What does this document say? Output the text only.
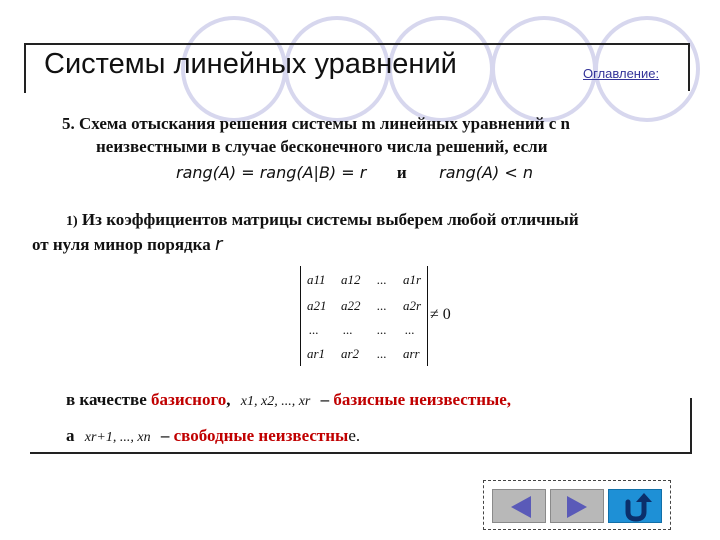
Системы линейных уравнений	Оглавление:
5. Схема отыскания решения системы m линейных уравнений с n
неизвестными в случае бесконечного числа решений, если
rang(A) = rang(A|B) = r и rang(A) < n
1) Из коэффициентов матрицы системы выберем любой отличный
от нуля минор порядка r
a11 a12 ... a1r
a21 a22 ... a2r
... ... ... ...
ar1 ar2 ... arr
≠ 0
в качестве базисного, x1, x2, ..., xr – базисные неизвестные,
а xr+1, ..., xn – свободные неизвестные.
